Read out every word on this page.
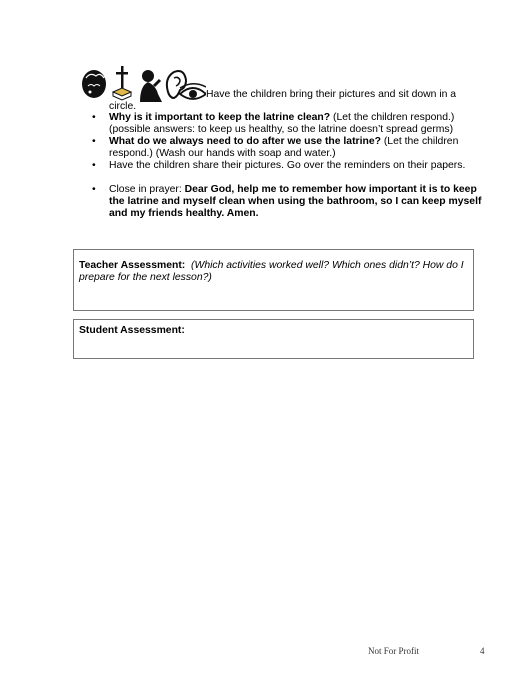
Have the children bring their pictures and sit down in a circle.
• Why is it important to keep the latrine clean? (Let the children respond.) (possible answers: to keep us healthy, so the latrine doesn’t spread germs)
• What do we always need to do after we use the latrine? (Let the children respond.) (Wash our hands with soap and water.)
• Have the children share their pictures. Go over the reminders on their papers.
• Close in prayer: Dear God, help me to remember how important it is to keep the latrine and myself clean when using the bathroom, so I can keep myself and my friends healthy. Amen.
Teacher Assessment: (Which activities worked well? Which ones didn’t? How do I prepare for the next lesson?)
Student Assessment:
Not For Profit	4
